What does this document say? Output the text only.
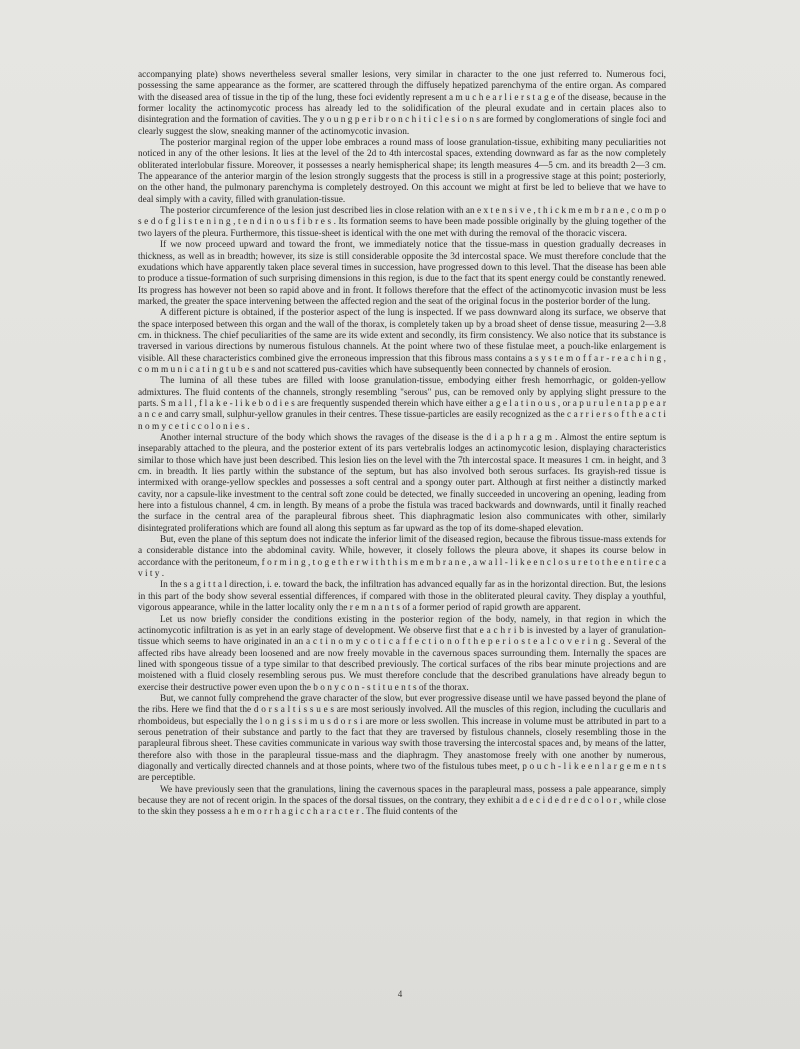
accompanying plate) shows nevertheless several smaller lesions, very similar in character to the one just referred to. Numerous foci, possessing the same appearance as the former, are scattered through the diffusely hepatized parenchyma of the entire organ. As compared with the diseased area of tissue in the tip of the lung, these foci evidently represent a m u c h e a r l i e r s t a g e of the disease, because in the former locality the actinomycotic process has already led to the solidification of the pleural exudate and in certain places also to disintegration and the formation of cavities. The y o u n g p e r i b r o n c h i t i c l e s i o n s are formed by conglomerations of single foci and clearly suggest the slow, sneaking manner of the actinomycotic invasion.

The posterior marginal region of the upper lobe embraces a round mass of loose granulation-tissue, exhibiting many peculiarities not noticed in any of the other lesions. It lies at the level of the 2d to 4th intercostal spaces, extending downward as far as the now completely obliterated interlobular fissure. Moreover, it possesses a nearly hemispherical shape; its length measures 4—5 cm. and its breadth 2—3 cm. The appearance of the anterior margin of the lesion strongly suggests that the process is still in a progressive stage at this point; posteriorly, on the other hand, the pulmonary parenchyma is completely destroyed. On this account we might at first be led to believe that we have to deal simply with a cavity, filled with granulation-tissue.

The posterior circumference of the lesion just described lies in close relation with an e x t e n s i v e , t h i c k m e m b r a n e , c o m p o s e d o f g l i s t e n i n g , t e n d i n o u s f i b r e s . Its formation seems to have been made possible originally by the gluing together of the two layers of the pleura. Furthermore, this tissue-sheet is identical with the one met with during the removal of the thoracic viscera.

If we now proceed upward and toward the front, we immediately notice that the tissue-mass in question gradually decreases in thickness, as well as in breadth; however, its size is still considerable opposite the 3d intercostal space. We must therefore conclude that the exudations which have apparently taken place several times in succession, have progressed down to this level. That the disease has been able to produce a tissue-formation of such surprising dimensions in this region, is due to the fact that its spent energy could be constantly renewed. Its progress has however not been so rapid above and in front. It follows therefore that the effect of the actinomycotic invasion must be less marked, the greater the space intervening between the affected region and the seat of the original focus in the posterior border of the lung.

A different picture is obtained, if the posterior aspect of the lung is inspected. If we pass downward along its surface, we observe that the space interposed between this organ and the wall of the thorax, is completely taken up by a broad sheet of dense tissue, measuring 2—3.8 cm. in thickness. The chief peculiarities of the same are its wide extent and secondly, its firm consistency. We also notice that its substance is traversed in various directions by numerous fistulous channels. At the point where two of these fistulae meet, a pouch-like enlargement is visible. All these characteristics combined give the erroneous impression that this fibrous mass contains a s y s t e m o f f a r - r e a c h i n g , c o m m u n i c a t i n g t u b e s and not scattered pus-cavities which have subsequently been connected by channels of erosion.

The lumina of all these tubes are filled with loose granulation-tissue, embodying either fresh hemorrhagic, or golden-yellow admixtures. The fluid contents of the channels, strongly resembling "serous" pus, can be removed only by applying slight pressure to the parts. S m a l l , f l a k e - l i k e b o d i e s are frequently suspended therein which have either a g e l a t i n o u s , or a p u r u l e n t a p p e a r a n c e and carry small, sulphur-yellow granules in their centres. These tissue-particles are easily recognized as the c a r r i e r s o f t h e a c t i n o m y c e t i c c o l o n i e s .

Another internal structure of the body which shows the ravages of the disease is the d i a p h r a g m . Almost the entire septum is inseparably attached to the pleura, and the posterior extent of its pars vertebralis lodges an actinomycotic lesion, displaying characteristics similar to those which have just been described. This lesion lies on the level with the 7th intercostal space. It measures 1 cm. in height, and 3 cm. in breadth. It lies partly within the substance of the septum, but has also involved both serous surfaces. Its grayish-red tissue is intermixed with orange-yellow speckles and possesses a soft central and a spongy outer part. Although at first neither a distinctly marked cavity, nor a capsule-like investment to the central soft zone could be detected, we finally succeeded in uncovering an opening, leading from here into a fistulous channel, 4 cm. in length. By means of a probe the fistula was traced backwards and downwards, until it finally reached the surface in the central area of the parapleural fibrous sheet. This diaphragmatic lesion also communicates with other, similarly disintegrated proliferations which are found all along this septum as far upward as the top of its dome-shaped elevation.

But, even the plane of this septum does not indicate the inferior limit of the diseased region, because the fibrous tissue-mass extends for a considerable distance into the abdominal cavity. While, however, it closely follows the pleura above, it shapes its course below in accordance with the peritoneum, f o r m i n g , t o g e t h e r w i t h t h i s m e m b r a n e , a w a l l - l i k e e n c l o s u r e t o t h e e n t i r e c a v i t y .

In the s a g i t t a l direction, i. e. toward the back, the infiltration has advanced equally far as in the horizontal direction. But, the lesions in this part of the body show several essential differences, if compared with those in the obliterated pleural cavity. They display a youthful, vigorous appearance, while in the latter locality only the r e m n a n t s of a former period of rapid growth are apparent.

Let us now briefly consider the conditions existing in the posterior region of the body, namely, in that region in which the actinomycotic infiltration is as yet in an early stage of development. We observe first that e a c h r i b is invested by a layer of granulation-tissue which seems to have originated in an a c t i n o m y c o t i c a f f e c t i o n o f t h e p e r i o s t e a l c o v e r i n g . Several of the affected ribs have already been loosened and are now freely movable in the cavernous spaces surrounding them. Internally the spaces are lined with spongeous tissue of a type similar to that described previously. The cortical surfaces of the ribs bear minute projections and are moistened with a fluid closely resembling serous pus. We must therefore conclude that the described granulations have already begun to exercise their destructive power even upon the b o n y c o n - s t i t u e n t s of the thorax.

But, we cannot fully comprehend the grave character of the slow, but ever progressive disease until we have passed beyond the plane of the ribs. Here we find that the d o r s a l t i s s u e s are most seriously involved. All the muscles of this region, including the cucullaris and rhomboideus, but especially the l o n g i s s i m u s d o r s i are more or less swollen. This increase in volume must be attributed in part to a serous penetration of their substance and partly to the fact that they are traversed by fistulous channels, closely resembling those in the parapleural fibrous sheet. These cavities communicate in various way swith those traversing the intercostal spaces and, by means of the latter, therefore also with those in the parapleural tissue-mass and the diaphragm. They anastomose freely with one another by numerous, diagonally and vertically directed channels and at those points, where two of the fistulous tubes meet, p o u c h - l i k e e n l a r g e m e n t s are perceptible.

We have previously seen that the granulations, lining the cavernous spaces in the parapleural mass, possess a pale appearance, simply because they are not of recent origin. In the spaces of the dorsal tissues, on the contrary, they exhibit a d e c i d e d r e d c o l o r , while close to the skin they possess a h e m o r r h a g i c c h a r a c t e r . The fluid contents of the

4
